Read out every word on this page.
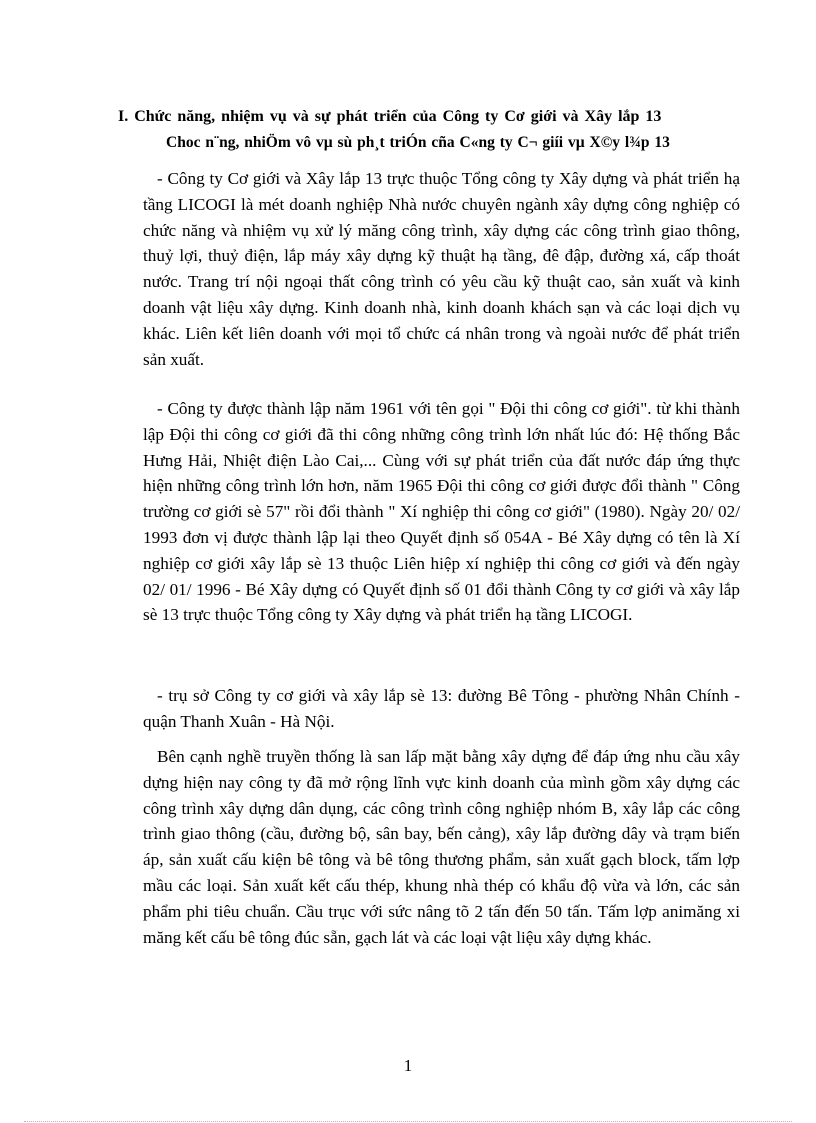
I. Chức năng, nhiệm vụ và sự phát triển của Công ty Cơ giới và Xây lắp 13
Choc n¨ng, nhiÖm vô vµ sù ph¸t triÓn cña C«ng ty C¬ giíi vµ X©y l¾p 13

- Công ty Cơ giới và Xây lắp 13 trực thuộc Tổng công ty Xây dựng và phát triển hạ tầng LICOGI là mét doanh nghiệp Nhà nước chuyên ngành xây dựng công nghiệp có chức năng và nhiệm vụ xử lý măng công trình, xây dựng các công trình giao thông, thuỷ lợi, thuỷ điện, lắp máy xây dựng kỹ thuật hạ tầng, đê đập, đường xá, cấp thoát nước. Trang trí nội ngoại thất công trình có yêu cầu kỹ thuật cao, sản xuất và kinh doanh vật liệu xây dựng. Kinh doanh nhà, kinh doanh khách sạn và các loại dịch vụ khác. Liên kết liên doanh với mọi tổ chức cá nhân trong và ngoài nước để phát triển sản xuất.

- Công ty được thành lập năm 1961 với tên gọi " Đội thi công cơ giới". từ khi thành lập Đội thi công cơ giới đã thi công những công trình lớn nhất lúc đó: Hệ thống Bắc Hưng Hải, Nhiệt điện Lào Cai,... Cùng với sự phát triển của đất nước đáp ứng thực hiện những công trình lớn hơn, năm 1965 Đội thi công cơ giới được đổi thành " Công trường cơ giới sè 57" rồi đổi thành " Xí nghiệp thi công cơ giới" (1980). Ngày 20/ 02/ 1993 đơn vị được thành lập lại theo Quyết định số 054A - Bé Xây dựng có tên là Xí nghiệp cơ giới xây lắp sè 13 thuộc Liên hiệp xí nghiệp thi công cơ giới và đến ngày 02/ 01/ 1996 - Bé Xây dựng có Quyết định số 01 đổi thành Công ty cơ giới và xây lắp sè 13 trực thuộc Tổng công ty Xây dựng và phát triển hạ tầng LICOGI.

- trụ sở Công ty cơ giới và xây lắp sè 13: đường Bê Tông - phường Nhân Chính - quận Thanh Xuân - Hà Nội.

Bên cạnh nghề truyền thống là san lấp mặt bằng xây dựng để đáp ứng nhu cầu xây dựng hiện nay công ty đã mở rộng lĩnh vực kinh doanh của mình gồm xây dựng các công trình xây dựng dân dụng, các công trình công nghiệp nhóm B, xây lắp các công trình giao thông (cầu, đường bộ, sân bay, bến cảng), xây lắp đường dây và trạm biến áp, sản xuất cấu kiện bê tông và bê tông thương phẩm, sản xuất gạch block, tấm lợp mầu các loại. Sản xuất kết cấu thép, khung nhà thép có khẩu độ vừa và lớn, các sản phẩm phi tiêu chuẩn. Cầu trục với sức nâng tõ 2 tấn đến 50 tấn. Tấm lợp animăng xi măng kết cấu bê tông đúc sẵn, gạch lát và các loại vật liệu xây dựng khác.

1
